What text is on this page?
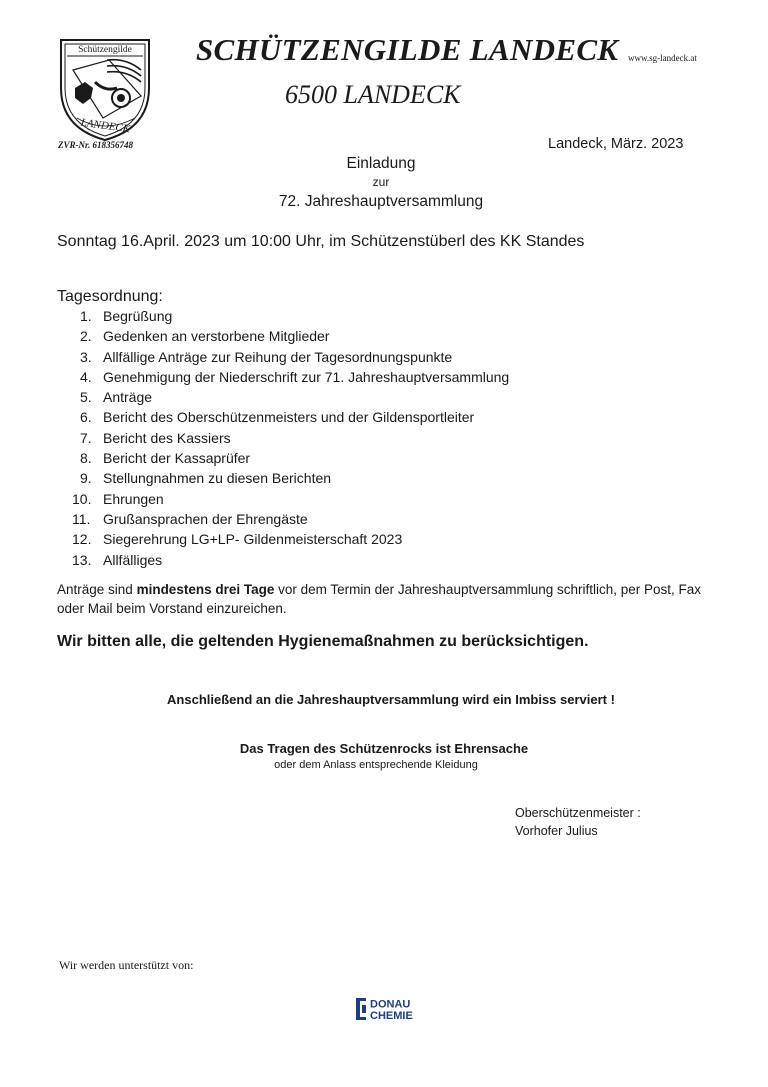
Schützengilde
LANDECK
ZVR-Nr. 618356748
SCHÜTZENGILDE LANDECK www.sg-landeck.at
6500 LANDECK
Landeck, März. 2023
Einladung
zur
72. Jahreshauptversammlung
Sonntag 16.April. 2023 um 10:00 Uhr, im Schützenstüberl des KK Standes
Tagesordnung:
1. Begrüßung
2. Gedenken an verstorbene Mitglieder
3. Allfällige Anträge zur Reihung der Tagesordnungspunkte
4. Genehmigung der Niederschrift zur 71. Jahreshauptversammlung
5. Anträge
6. Bericht des Oberschützenmeisters und der Gildensportleiter
7. Bericht des Kassiers
8. Bericht der Kassaprüfer
9. Stellungnahmen zu diesen Berichten
10. Ehrungen
11. Grußansprachen der Ehrengäste
12. Siegerehrung LG+LP- Gildenmeisterschaft 2023
13. Allfälliges
Anträge sind mindestens drei Tage vor dem Termin der Jahreshauptversammlung schriftlich, per Post, Fax oder Mail beim Vorstand einzureichen.
Wir bitten alle, die geltenden Hygienemaßnahmen zu berücksichtigen.
Anschließend an die Jahreshauptversammlung wird ein Imbiss serviert !
Das Tragen des Schützenrocks ist Ehrensache
oder dem Anlass entsprechende Kleidung
Oberschützenmeister :
Vorhofer Julius
Wir werden unterstützt von:
DONAU
CHEMIE
